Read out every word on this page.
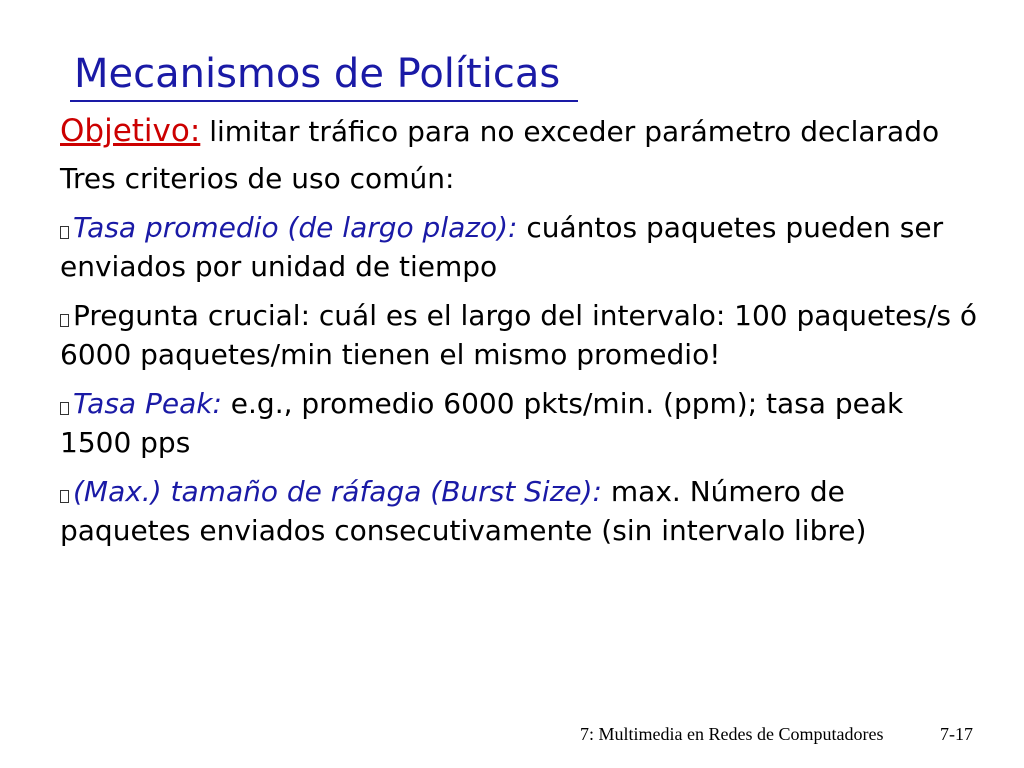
Mecanismos de Políticas

Objetivo: limitar tráfico para no exceder parámetro declarado

Tres criterios de uso común:

Tasa promedio (de largo plazo): cuántos paquetes pueden ser enviados por unidad de tiempo

Pregunta crucial: cuál es el largo del intervalo: 100 paquetes/s ó 6000 paquetes/min tienen el mismo promedio!

Tasa Peak: e.g., promedio 6000 pkts/min. (ppm); tasa peak 1500 pps

(Max.) tamaño de ráfaga (Burst Size): max. Número de paquetes enviados consecutivamente (sin intervalo libre)

7: Multimedia en Redes de Computadores	7-17
